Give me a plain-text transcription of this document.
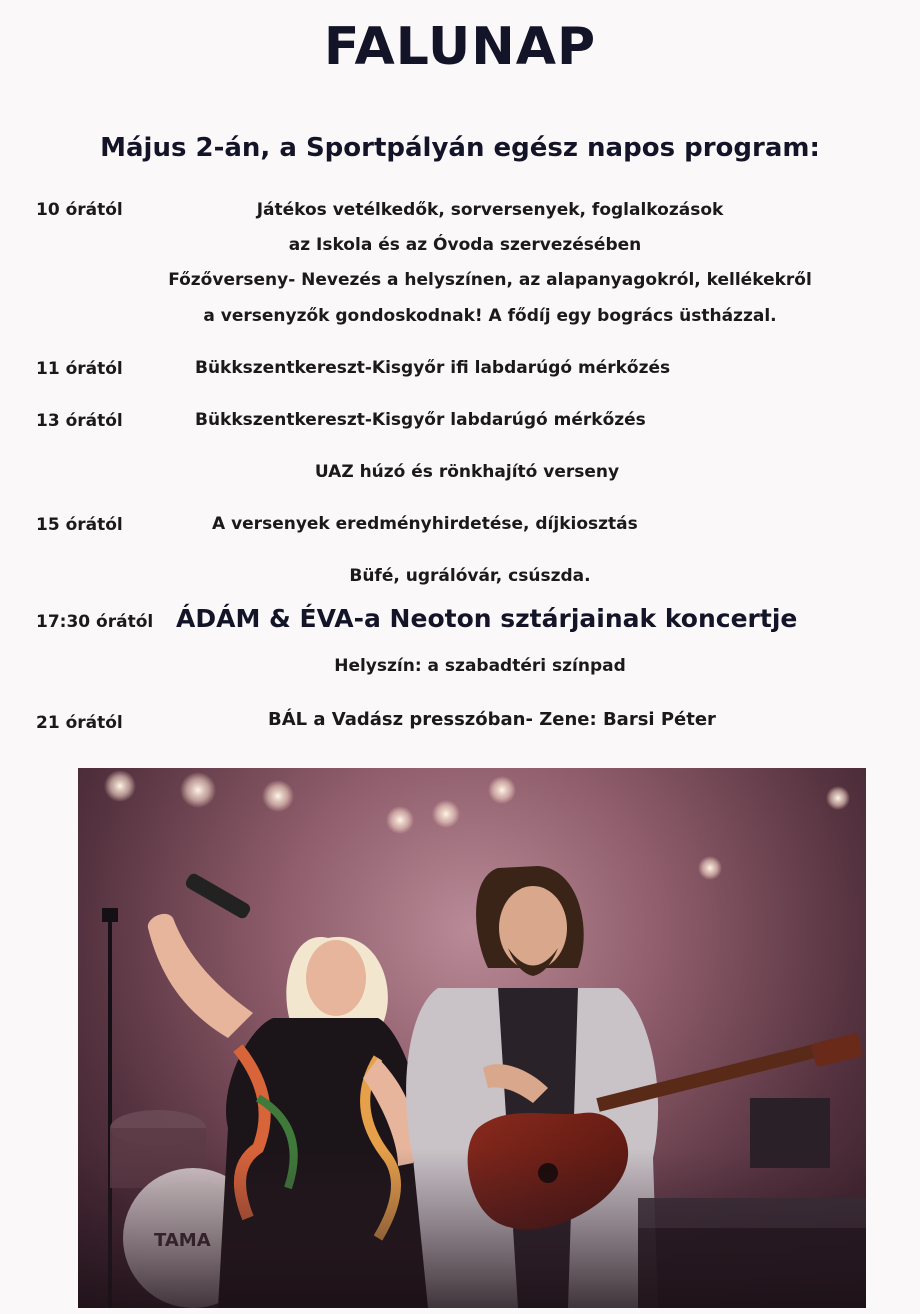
FALUNAP
Május 2-án, a Sportpályán egész napos program:
10 órától	Játékos vetélkedők, sorversenyek, foglalkozások
az Iskola és az Óvoda szervezésében
Főzőverseny- Nevezés a helyszínen, az alapanyagokról, kellékekről
a versenyzők gondoskodnak! A fődíj egy bogrács üstházzal.
11 órától	Bükkszentkereszt-Kisgyőr ifi labdarúgó mérkőzés
13 órától	Bükkszentkereszt-Kisgyőr labdarúgó mérkőzés
UAZ húzó és rönkhajító verseny
15 órától	A versenyek eredményhirdetése, díjkiosztás
Büfé, ugrálóvár, csúszda.
17:30 órától ÁDÁM & ÉVA-a Neoton sztárjainak koncertje
Helyszín: a szabadtéri színpad
21 órától	BÁL a Vadász presszóban- Zene: Barsi Péter
